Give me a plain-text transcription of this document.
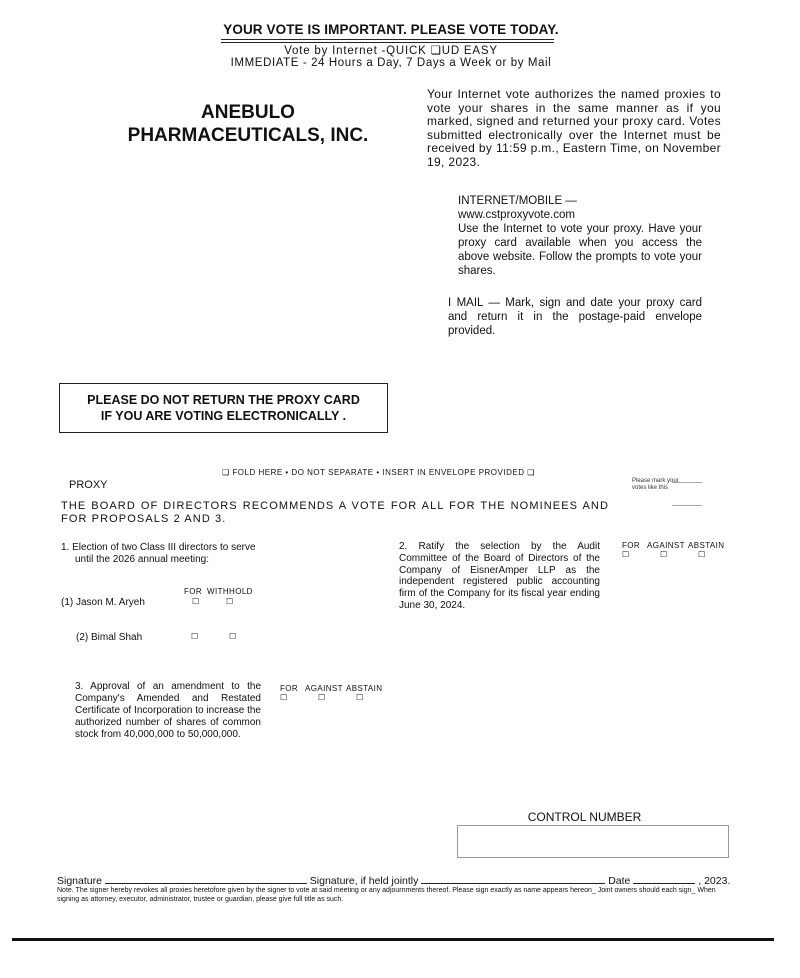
YOUR VOTE IS IMPORTANT. PLEASE VOTE TODAY.
Vote by Internet -QUICK ❏UD EASY
IMMEDIATE - 24 Hours a Day, 7 Days a Week or by Mail
ANEBULO
PHARMACEUTICALS, INC.
Your Internet vote authorizes the named proxies to vote your shares in the same manner as if you marked, signed and returned your proxy card. Votes submitted electronically over the Internet must be received by 11:59 p.m., Eastern Time, on November 19, 2023.
INTERNET/MOBILE —
www.cstproxyvote.com
Use the Internet to vote your proxy. Have your proxy card available when you access the above website. Follow the prompts to vote your shares.
I MAIL — Mark, sign and date your proxy card and return it in the postage-paid envelope provided.
PLEASE DO NOT RETURN THE PROXY CARD
IF YOU ARE VOTING ELECTRONICALLY .
❏ FOLD HERE • DO NOT SEPARATE • INSERT IN ENVELOPE PROVIDED ❏
PROXY	Please mark your votes like this
THE BOARD OF DIRECTORS RECOMMENDS A VOTE FOR ALL FOR THE NOMINEES AND FOR PROPOSALS 2 AND 3.
1. Election of two Class III directors to serve
until the 2026 annual meeting:
FOR WITHHOLD
(1) Jason M. Aryeh	☐	☐
(2) Bimal Shah	☐	☐
2. Ratify the selection by the Audit Committee of the Board of Directors of the Company of EisnerAmper LLP as the independent registered public accounting firm of the Company for its fiscal year ending June 30, 2024.
FOR AGAINST ABSTAIN
☐	☐	☐
3. Approval of an amendment to the Company's Amended and Restated Certificate of Incorporation to increase the authorized number of shares of common stock from 40,000,000 to 50,000,000.
FOR AGAINST ABSTAIN
☐	☐	☐
CONTROL NUMBER
Signature	Signature, if held jointly	Date	, 2023.
Note. The signer hereby revokes all proxies heretofore given by the signer to vote at said meeting or any adjournments thereof. Please sign exactly as name appears hereon_ Joint owners should each sign_ When signing as attorney, executor, administrator, trustee or guardian, please give full title as such.
